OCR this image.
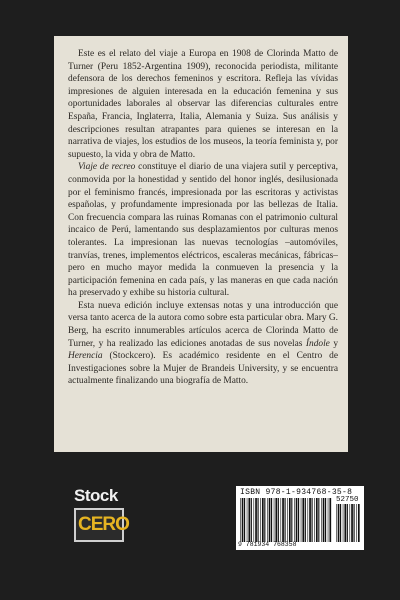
Este es el relato del viaje a Europa en 1908 de Clorinda Matto de Turner (Peru 1852-Argentina 1909), reconocida periodista, militante defensora de los derechos femeninos y escritora. Refleja las vívidas impresiones de alguien interesada en la educación femenina y sus oportunidades laborales al observar las diferencias culturales entre España, Francia, Inglaterra, Italia, Alemania y Suiza. Sus análisis y descripciones resultan atrapantes para quienes se interesan en la narrativa de viajes, los estudios de los museos, la teoría feminista y, por supuesto, la vida y obra de Matto.

Viaje de recreo constituye el diario de una viajera sutil y perceptiva, conmovida por la honestidad y sentido del honor inglés, desilusionada por el feminismo francés, impresionada por las escritoras y activistas españolas, y profundamente impresionada por las bellezas de Italia. Con frecuencia compara las ruinas Romanas con el patrimonio cultural incaico de Perú, lamentando sus desplazamientos por culturas menos tolerantes. La impresionan las nuevas tecnologías –automóviles, tranvías, trenes, implementos eléctricos, escaleras mecánicas, fábricas– pero en mucho mayor medida la conmueven la presencia y la participación femenina en cada país, y las maneras en que cada nación ha preservado y exhibe su historia cultural.

Esta nueva edición incluye extensas notas y una introducción que versa tanto acerca de la autora como sobre esta particular obra. Mary G. Berg, ha escrito innumerables artículos acerca de Clorinda Matto de Turner, y ha realizado las ediciones anotadas de sus novelas Índole y Herencia (Stockcero). Es académico residente en el Centro de Investigaciones sobre la Mujer de Brandeis University, y se encuentra actualmente finalizando una biografía de Matto.

Stock
CERO
ISBN 978-1-934768-35-8
52750
9 781934 768358
